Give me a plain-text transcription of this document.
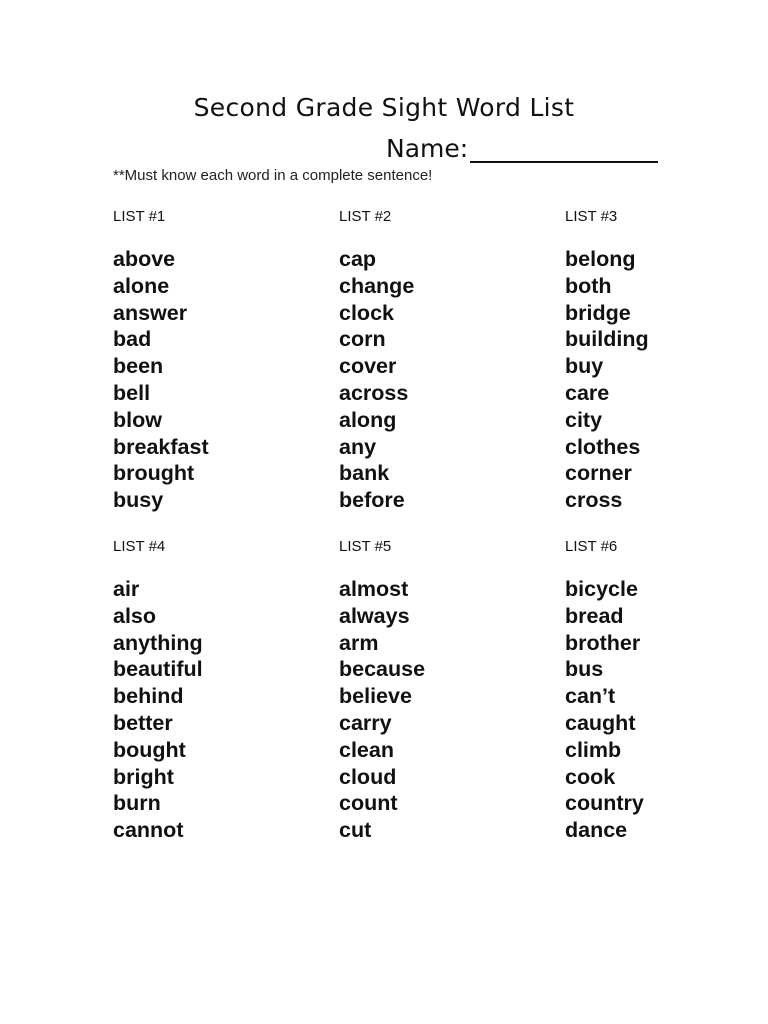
Second Grade Sight Word List
Name:
**Must know each word in a complete sentence!
LIST #1
above
alone
answer
bad
been
bell
blow
breakfast
brought
busy
LIST #2
cap
change
clock
corn
cover
across
along
any
bank
before
LIST #3
belong
both
bridge
building
buy
care
city
clothes
corner
cross
LIST #4
air
also
anything
beautiful
behind
better
bought
bright
burn
cannot
LIST #5
almost
always
arm
because
believe
carry
clean
cloud
count
cut
LIST #6
bicycle
bread
brother
bus
can’t
caught
climb
cook
country
dance
